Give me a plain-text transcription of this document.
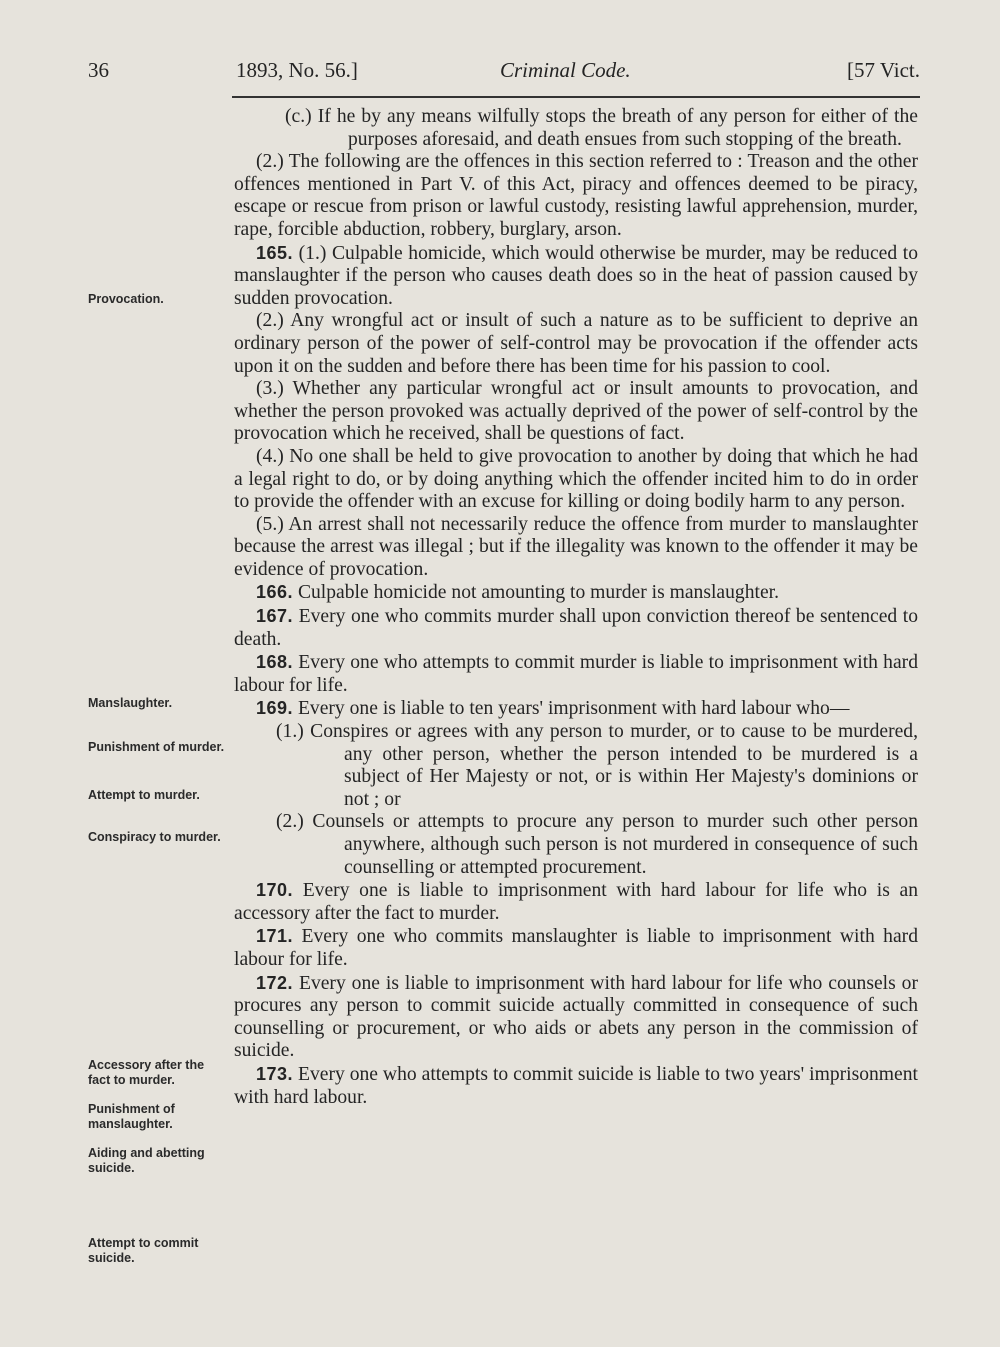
36	1893, No. 56.]	Criminal Code.	[57 Vict.
Provocation.
Manslaughter.
Punishment of murder.
Attempt to murder.
Conspiracy to murder.
Accessory after the fact to murder.
Punishment of manslaughter.
Aiding and abetting suicide.
Attempt to commit suicide.

(c.) If he by any means wilfully stops the breath of any person for either of the purposes aforesaid, and death ensues from such stopping of the breath.

(2.) The following are the offences in this section referred to : Treason and the other offences mentioned in Part V. of this Act, piracy and offences deemed to be piracy, escape or rescue from prison or lawful custody, resisting lawful apprehension, murder, rape, forcible abduction, robbery, burglary, arson.

165. (1.) Culpable homicide, which would otherwise be murder, may be reduced to manslaughter if the person who causes death does so in the heat of passion caused by sudden provocation.

(2.) Any wrongful act or insult of such a nature as to be sufficient to deprive an ordinary person of the power of self-control may be provocation if the offender acts upon it on the sudden and before there has been time for his passion to cool.

(3.) Whether any particular wrongful act or insult amounts to provocation, and whether the person provoked was actually deprived of the power of self-control by the provocation which he received, shall be questions of fact.

(4.) No one shall be held to give provocation to another by doing that which he had a legal right to do, or by doing anything which the offender incited him to do in order to provide the offender with an excuse for killing or doing bodily harm to any person.

(5.) An arrest shall not necessarily reduce the offence from murder to manslaughter because the arrest was illegal ; but if the illegality was known to the offender it may be evidence of provocation.

166. Culpable homicide not amounting to murder is manslaughter.

167. Every one who commits murder shall upon conviction thereof be sentenced to death.

168. Every one who attempts to commit murder is liable to imprisonment with hard labour for life.

169. Every one is liable to ten years' imprisonment with hard labour who—

(1.) Conspires or agrees with any person to murder, or to cause to be murdered, any other person, whether the person intended to be murdered is a subject of Her Majesty or not, or is within Her Majesty's dominions or not ; or

(2.) Counsels or attempts to procure any person to murder such other person anywhere, although such person is not murdered in consequence of such counselling or attempted procurement.

170. Every one is liable to imprisonment with hard labour for life who is an accessory after the fact to murder.

171. Every one who commits manslaughter is liable to imprisonment with hard labour for life.

172. Every one is liable to imprisonment with hard labour for life who counsels or procures any person to commit suicide actually committed in consequence of such counselling or procurement, or who aids or abets any person in the commission of suicide.

173. Every one who attempts to commit suicide is liable to two years' imprisonment with hard labour.
